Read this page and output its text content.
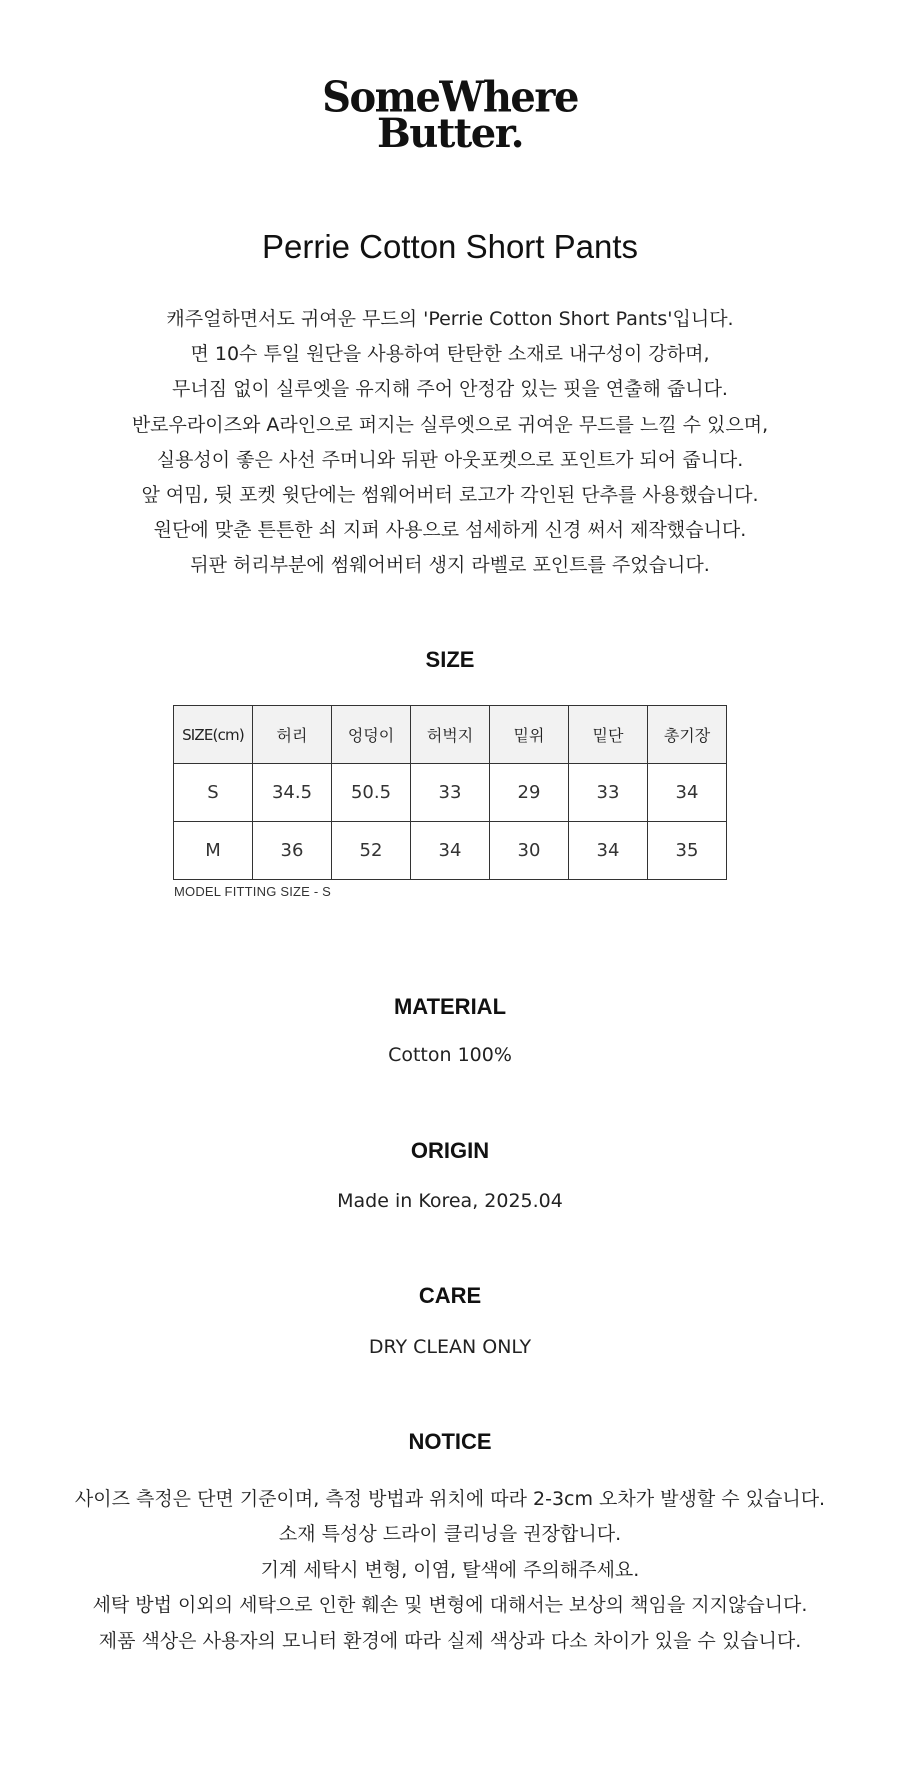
SomeWhere
Butter.
Perrie Cotton Short Pants
캐주얼하면서도 귀여운 무드의 'Perrie Cotton Short Pants'입니다.
면 10수 투일 원단을 사용하여 탄탄한 소재로 내구성이 강하며,
무너짐 없이 실루엣을 유지해 주어 안정감 있는 핏을 연출해 줍니다.
반로우라이즈와 A라인으로 퍼지는 실루엣으로 귀여운 무드를 느낄 수 있으며,
실용성이 좋은 사선 주머니와 뒤판 아웃포켓으로 포인트가 되어 줍니다.
앞 여밈, 뒷 포켓 윗단에는 썸웨어버터 로고가 각인된 단추를 사용했습니다.
원단에 맞춘 튼튼한 쇠 지퍼 사용으로 섬세하게 신경 써서 제작했습니다.
뒤판 허리부분에 썸웨어버터 생지 라벨로 포인트를 주었습니다.
SIZE
SIZE(cm)	허리	엉덩이	허벅지	밑위	밑단	총기장
S	34.5	50.5	33	29	33	34
M	36	52	34	30	34	35
MODEL FITTING SIZE - S
MATERIAL

Cotton 100%

ORIGIN

Made in Korea, 2025.04

CARE

DRY CLEAN ONLY

NOTICE
사이즈 측정은 단면 기준이며, 측정 방법과 위치에 따라 2-3cm 오차가 발생할 수 있습니다.
소재 특성상 드라이 클리닝을 권장합니다.
기계 세탁시 변형, 이염, 탈색에 주의해주세요.
세탁 방법 이외의 세탁으로 인한 훼손 및 변형에 대해서는 보상의 책임을 지지않습니다.
제품 색상은 사용자의 모니터 환경에 따라 실제 색상과 다소 차이가 있을 수 있습니다.
